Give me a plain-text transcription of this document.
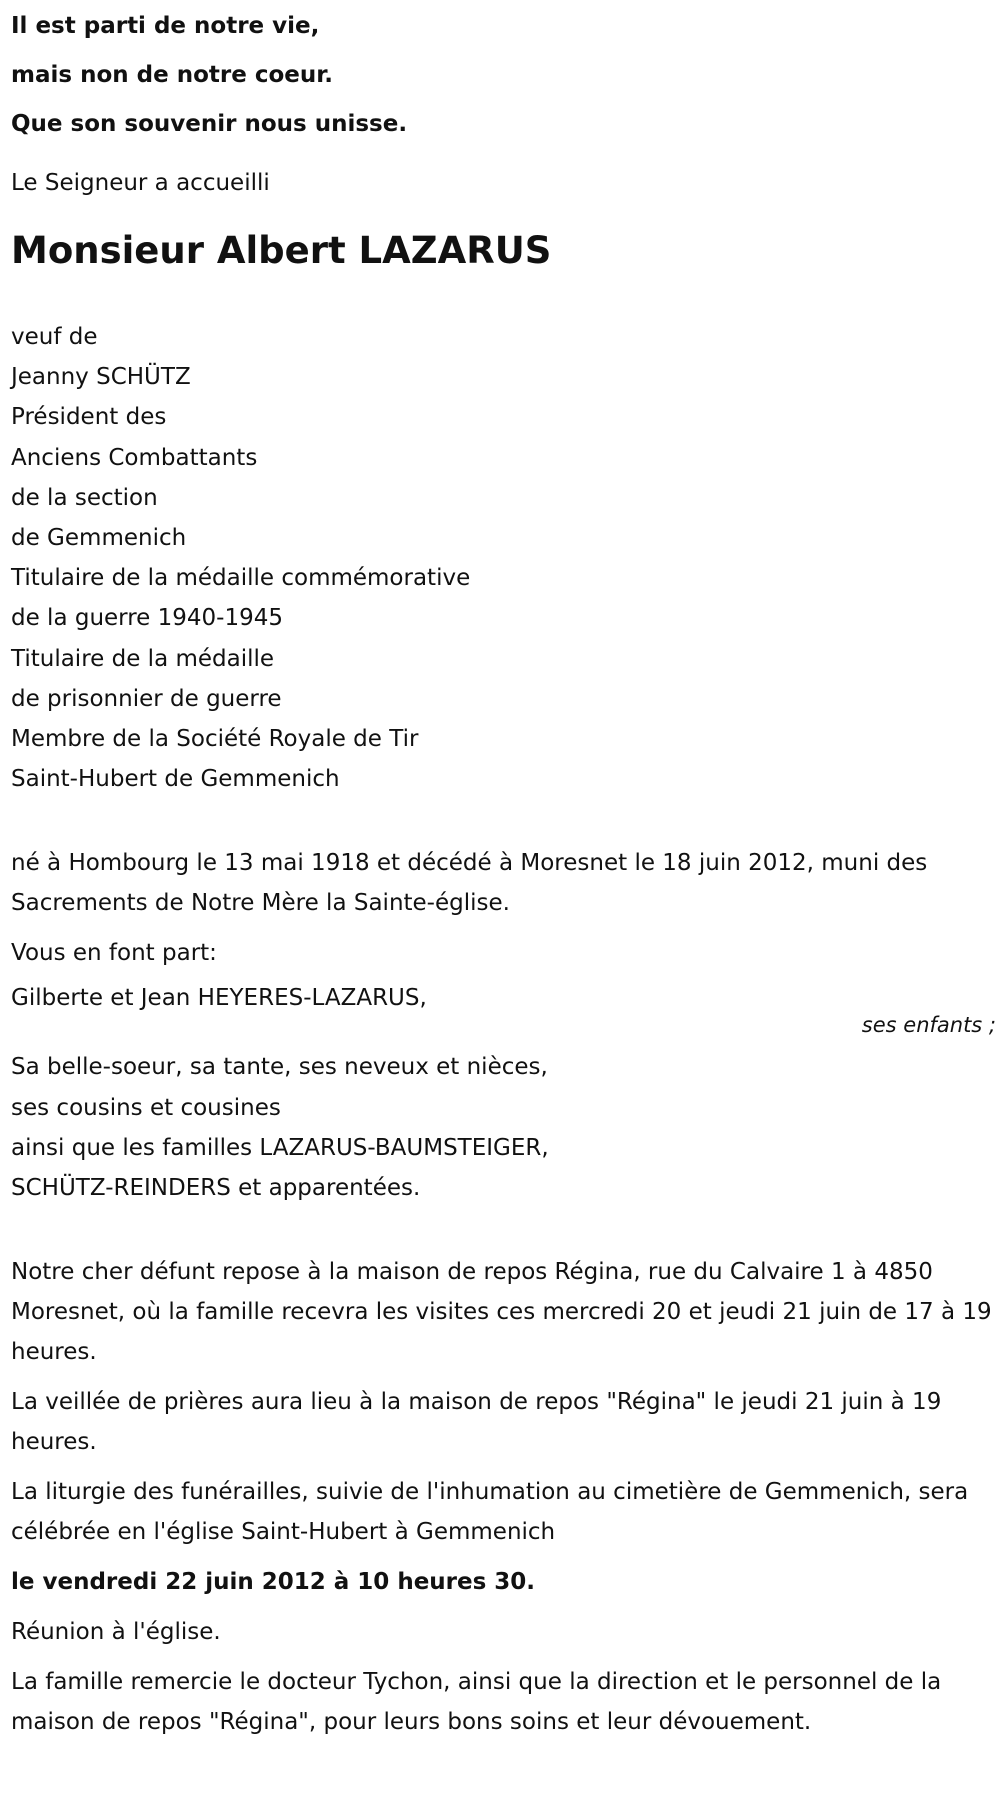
Il est parti de notre vie,
mais non de notre coeur.
Que son souvenir nous unisse.
Le Seigneur a accueilli
Monsieur Albert LAZARUS
veuf de
Jeanny SCHÜTZ
Président des
Anciens Combattants
de la section
de Gemmenich
Titulaire de la médaille commémorative
de la guerre 1940-1945
Titulaire de la médaille
de prisonnier de guerre
Membre de la Société Royale de Tir
Saint-Hubert de Gemmenich
né à Hombourg le 13 mai 1918 et décédé à Moresnet le 18 juin 2012, muni des Sacrements de Notre Mère la Sainte-église.
Vous en font part:
Gilberte et Jean HEYERES-LAZARUS,
ses enfants ;
Sa belle-soeur, sa tante, ses neveux et nièces,
ses cousins et cousines
ainsi que les familles LAZARUS-BAUMSTEIGER,
SCHÜTZ-REINDERS et apparentées.
Notre cher défunt repose à la maison de repos Régina, rue du Calvaire 1 à 4850 Moresnet, où la famille recevra les visites ces mercredi 20 et jeudi 21 juin de 17 à 19 heures.
La veillée de prières aura lieu à la maison de repos "Régina" le jeudi 21 juin à 19 heures.
La liturgie des funérailles, suivie de l'inhumation au cimetière de Gemmenich, sera célébrée en l'église Saint-Hubert à Gemmenich
le vendredi 22 juin 2012 à 10 heures 30.
Réunion à l'église.
La famille remercie le docteur Tychon, ainsi que la direction et le personnel de la maison de repos "Régina", pour leurs bons soins et leur dévouement.
